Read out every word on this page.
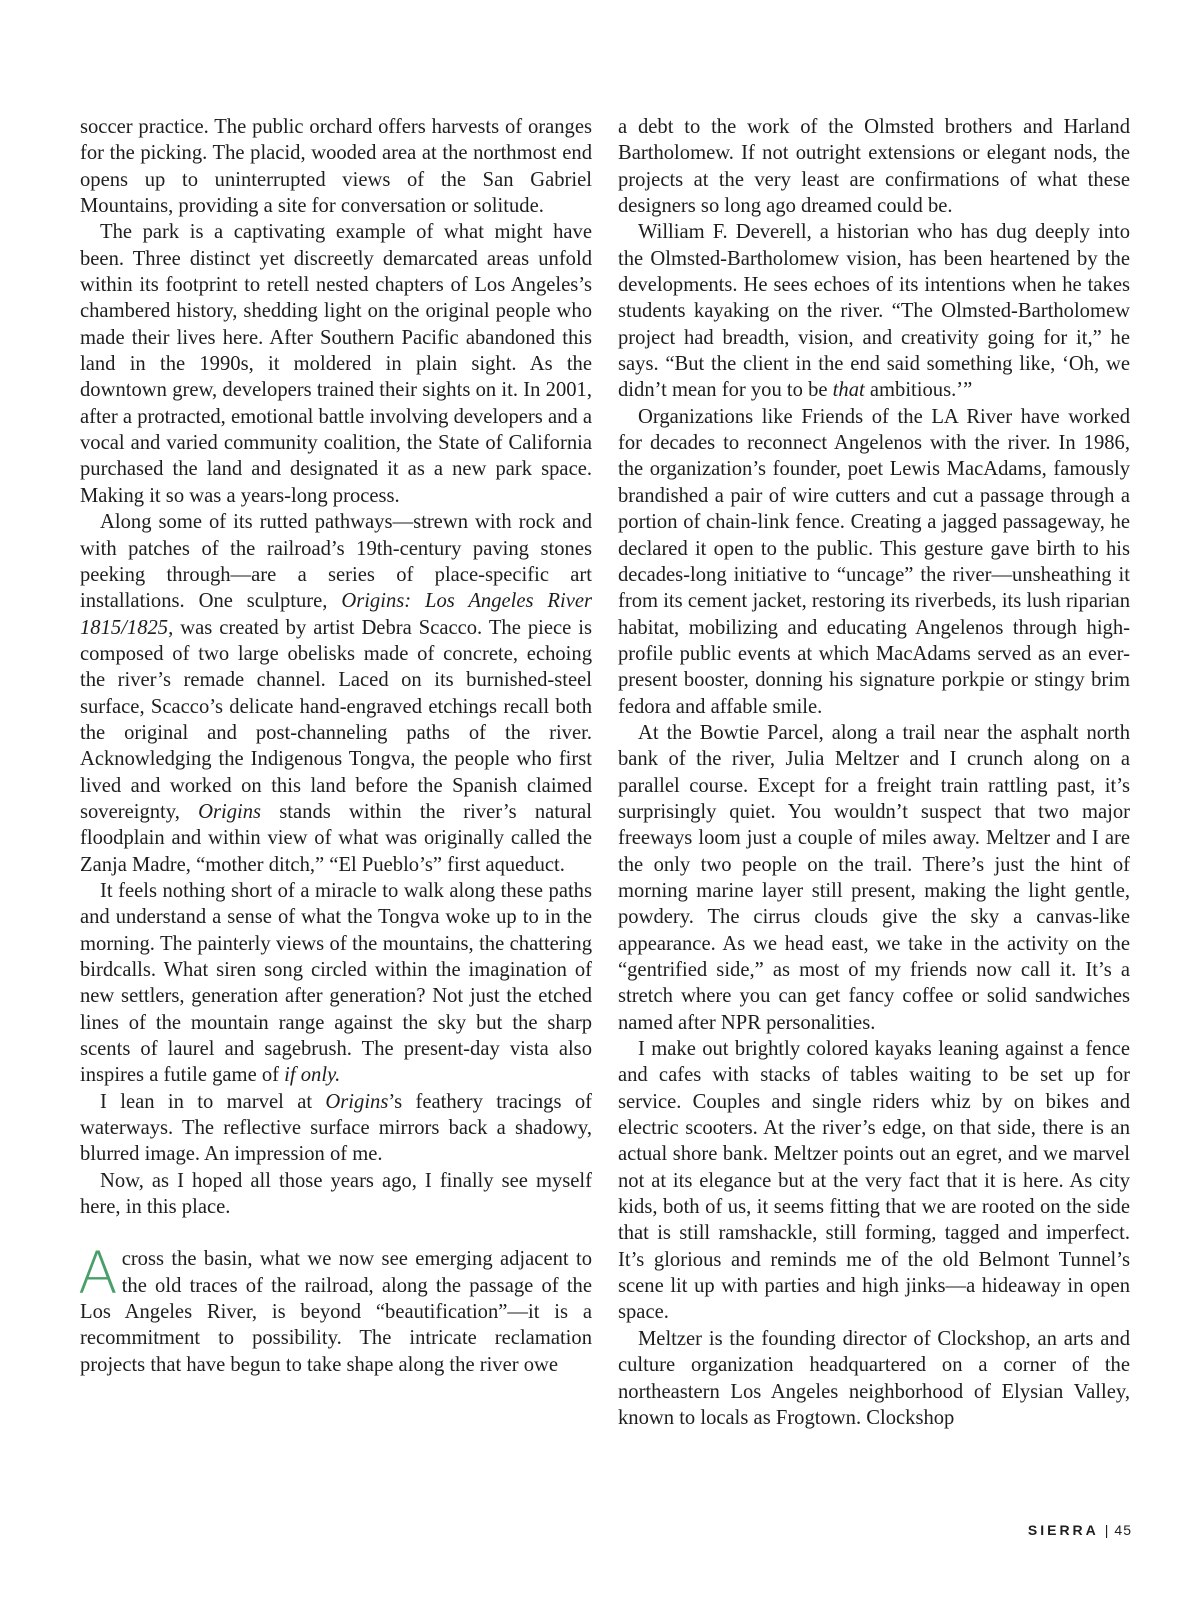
soccer practice. The public orchard offers harvests of oranges for the picking. The placid, wooded area at the northmost end opens up to uninterrupted views of the San Gabriel Mountains, providing a site for conversation or solitude.

The park is a captivating example of what might have been. Three distinct yet discreetly demarcated areas unfold within its footprint to retell nested chapters of Los Angeles’s chambered history, shedding light on the original people who made their lives here. After Southern Pacific abandoned this land in the 1990s, it moldered in plain sight. As the downtown grew, developers trained their sights on it. In 2001, after a protracted, emotional battle involving developers and a vocal and varied community coalition, the State of California purchased the land and designated it as a new park space. Making it so was a years-long process.

Along some of its rutted pathways—strewn with rock and with patches of the railroad’s 19th-century paving stones peeking through—are a series of place-specific art installations. One sculpture, Origins: Los Angeles River 1815/1825, was created by artist Debra Scacco. The piece is composed of two large obelisks made of concrete, echoing the river’s remade channel. Laced on its burnished-steel surface, Scacco’s delicate hand-engraved etchings recall both the original and post-channeling paths of the river. Acknowledging the Indigenous Tongva, the people who first lived and worked on this land before the Spanish claimed sovereignty, Origins stands within the river’s natural floodplain and within view of what was originally called the Zanja Madre, “mother ditch,” “El Pueblo’s” first aqueduct.

It feels nothing short of a miracle to walk along these paths and understand a sense of what the Tongva woke up to in the morning. The painterly views of the mountains, the chattering birdcalls. What siren song circled within the imagination of new settlers, generation after generation? Not just the etched lines of the mountain range against the sky but the sharp scents of laurel and sagebrush. The present-day vista also inspires a futile game of if only.

I lean in to marvel at Origins’s feathery tracings of waterways. The reflective surface mirrors back a shadowy, blurred image. An impression of me.

Now, as I hoped all those years ago, I finally see myself here, in this place.

Across the basin, what we now see emerging adjacent to the old traces of the railroad, along the passage of the Los Angeles River, is beyond “beautification”—it is a recommitment to possibility. The intricate reclamation projects that have begun to take shape along the river owe

a debt to the work of the Olmsted brothers and Harland Bartholomew. If not outright extensions or elegant nods, the projects at the very least are confirmations of what these designers so long ago dreamed could be.

William F. Deverell, a historian who has dug deeply into the Olmsted-Bartholomew vision, has been heartened by the developments. He sees echoes of its intentions when he takes students kayaking on the river. “The Olmsted-Bartholomew project had breadth, vision, and creativity going for it,” he says. “But the client in the end said something like, ‘Oh, we didn’t mean for you to be that ambitious.’”

Organizations like Friends of the LA River have worked for decades to reconnect Angelenos with the river. In 1986, the organization’s founder, poet Lewis MacAdams, famously brandished a pair of wire cutters and cut a passage through a portion of chain-link fence. Creating a jagged passageway, he declared it open to the public. This gesture gave birth to his decades-long initiative to “uncage” the river—unsheathing it from its cement jacket, restoring its riverbeds, its lush riparian habitat, mobilizing and educating Angelenos through high-profile public events at which MacAdams served as an ever-present booster, donning his signature porkpie or stingy brim fedora and affable smile.

At the Bowtie Parcel, along a trail near the asphalt north bank of the river, Julia Meltzer and I crunch along on a parallel course. Except for a freight train rattling past, it’s surprisingly quiet. You wouldn’t suspect that two major freeways loom just a couple of miles away. Meltzer and I are the only two people on the trail. There’s just the hint of morning marine layer still present, making the light gentle, powdery. The cirrus clouds give the sky a canvas-like appearance. As we head east, we take in the activity on the “gentrified side,” as most of my friends now call it. It’s a stretch where you can get fancy coffee or solid sandwiches named after NPR personalities.

I make out brightly colored kayaks leaning against a fence and cafes with stacks of tables waiting to be set up for service. Couples and single riders whiz by on bikes and electric scooters. At the river’s edge, on that side, there is an actual shore bank. Meltzer points out an egret, and we marvel not at its elegance but at the very fact that it is here. As city kids, both of us, it seems fitting that we are rooted on the side that is still ramshackle, still forming, tagged and imperfect. It’s glorious and reminds me of the old Belmont Tunnel’s scene lit up with parties and high jinks—a hideaway in open space.

Meltzer is the founding director of Clockshop, an arts and culture organization headquartered on a corner of the northeastern Los Angeles neighborhood of Elysian Valley, known to locals as Frogtown. Clockshop

SIERRA | 45
